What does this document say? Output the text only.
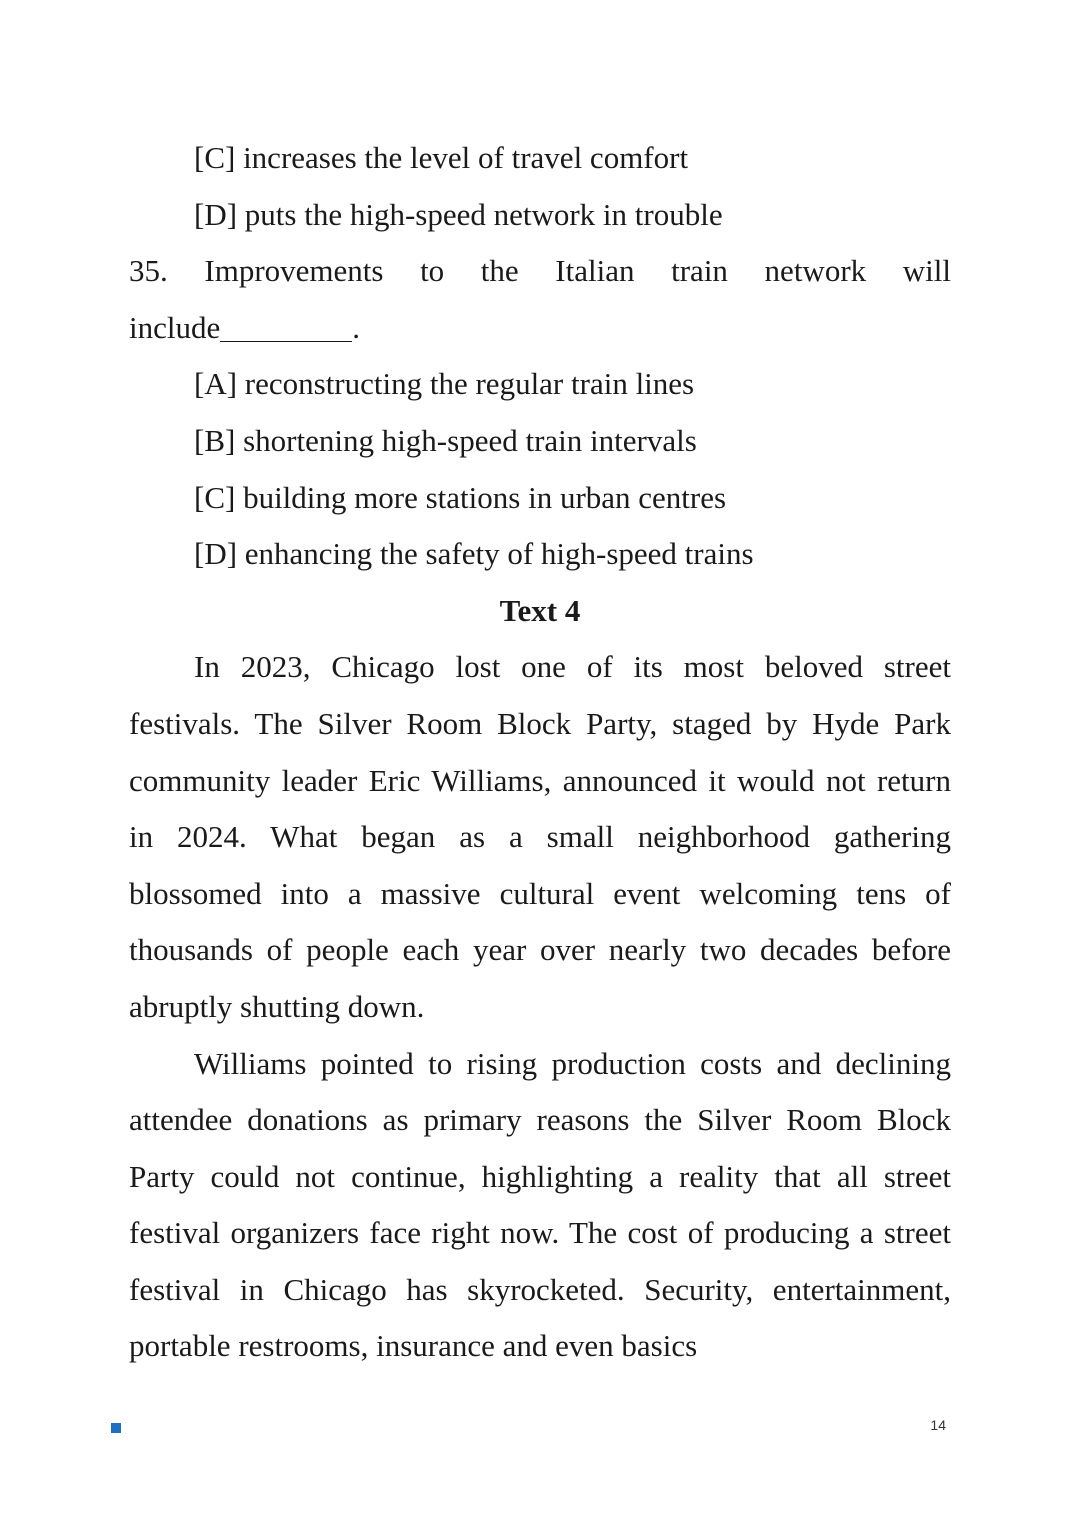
[C] increases the level of travel comfort
[D] puts the high-speed network in trouble
35. Improvements to the Italian train network will
include	.
[A] reconstructing the regular train lines
[B] shortening high-speed train intervals
[C] building more stations in urban centres
[D] enhancing the safety of high-speed trains
Text 4
In 2023, Chicago lost one of its most beloved street festivals. The Silver Room Block Party, staged by Hyde Park community leader Eric Williams, announced it would not return in 2024. What began as a small neighborhood gathering blossomed into a massive cultural event welcoming tens of thousands of people each year over nearly two decades before abruptly shutting down.
Williams pointed to rising production costs and declining attendee donations as primary reasons the Silver Room Block Party could not continue, highlighting a reality that all street festival organizers face right now. The cost of producing a street festival in Chicago has skyrocketed. Security, entertainment, portable restrooms, insurance and even basics
14
